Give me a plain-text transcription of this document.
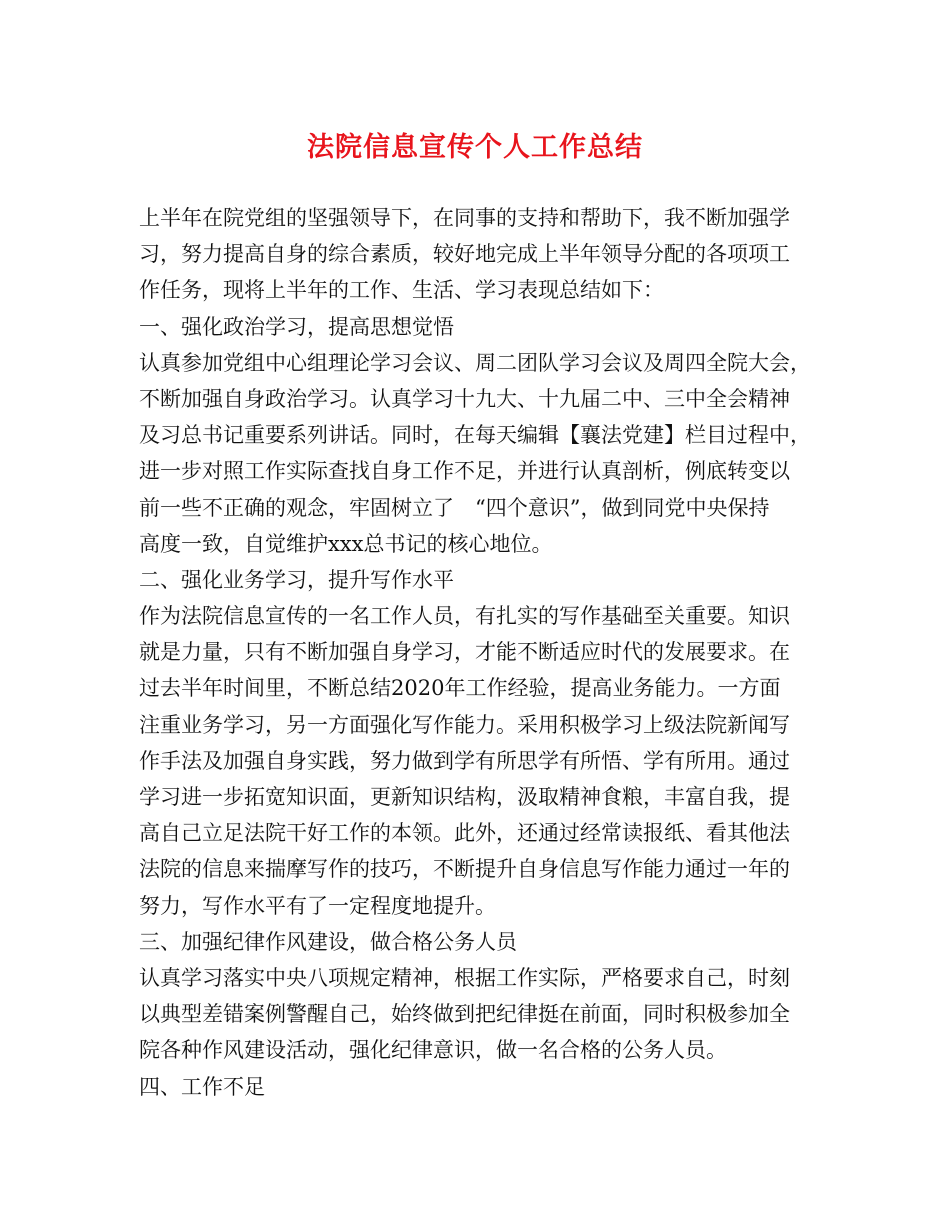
法院信息宣传个人工作总结
上半年在院党组的坚强领导下，在同事的支持和帮助下，我不断加强学
习，努力提高自身的综合素质，较好地完成上半年领导分配的各项项工
作任务，现将上半年的工作、生活、学习表现总结如下：
一、强化政治学习，提高思想觉悟
认真参加党组中心组理论学习会议、周二团队学习会议及周四全院大会，
不断加强自身政治学习。认真学习十九大、十九届二中、三中全会精神
及习总书记重要系列讲话。同时，在每天编辑【襄法党建】栏目过程中，
进一步对照工作实际查找自身工作不足，并进行认真剖析，例底转变以
前一些不正确的观念，牢固树立了　“四个意识”，做到同党中央保持
高度一致，自觉维护xxx总书记的核心地位。
二、强化业务学习，提升写作水平
作为法院信息宣传的一名工作人员，有扎实的写作基础至关重要。知识
就是力量，只有不断加强自身学习，才能不断适应时代的发展要求。在
过去半年时间里，不断总结2020年工作经验，提高业务能力。一方面
注重业务学习，另一方面强化写作能力。采用积极学习上级法院新闻写
作手法及加强自身实践，努力做到学有所思学有所悟、学有所用。通过
学习进一步拓宽知识面，更新知识结构，汲取精神食粮，丰富自我，提
高自己立足法院干好工作的本领。此外，还通过经常读报纸、看其他法
法院的信息来揣摩写作的技巧，不断提升自身信息写作能力通过一年的
努力，写作水平有了一定程度地提升。
三、加强纪律作风建设，做合格公务人员
认真学习落实中央八项规定精神，根据工作实际，严格要求自己，时刻
以典型差错案例警醒自己，始终做到把纪律挺在前面，同时积极参加全
院各种作风建设活动，强化纪律意识，做一名合格的公务人员。
四、工作不足
